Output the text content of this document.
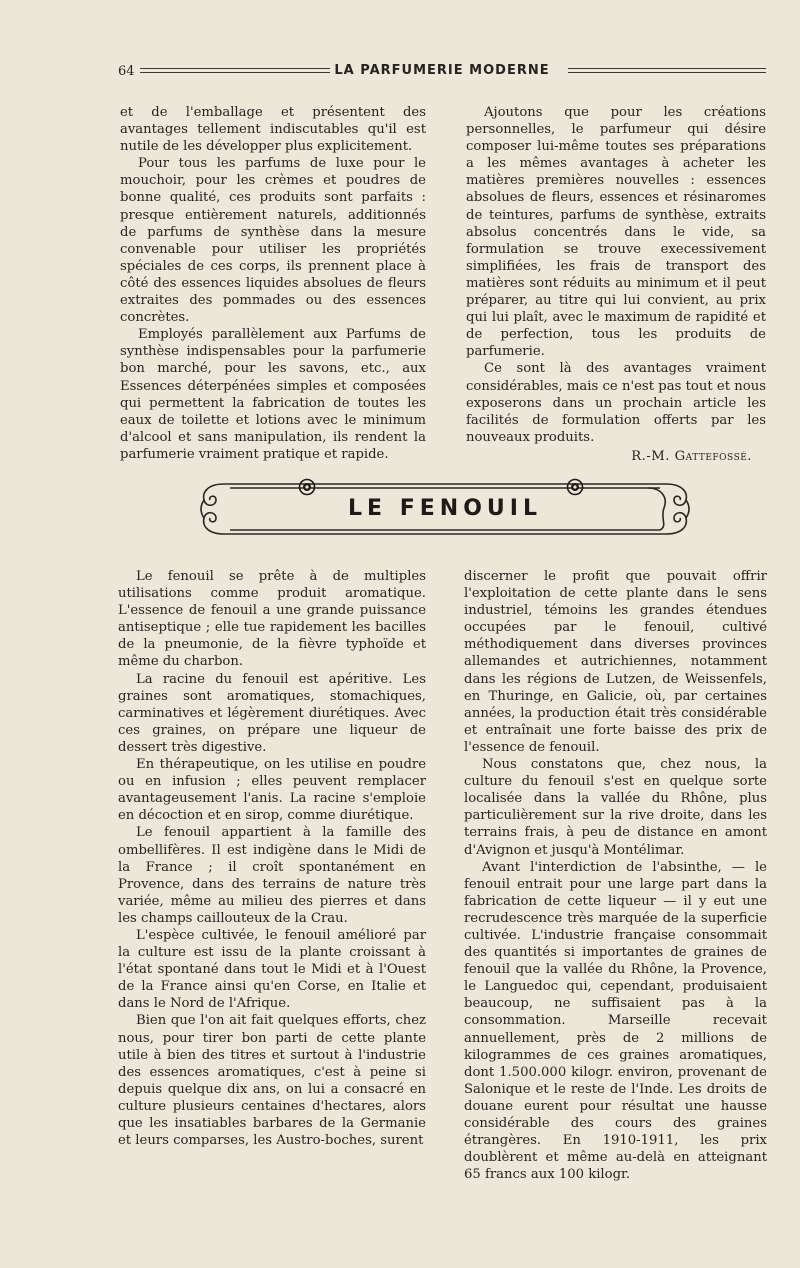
64	LA PARFUMERIE MODERNE

et de l'emballage et présentent des avantages tellement indiscutables qu'il est nutile de les développer plus explicitement.

Pour tous les parfums de luxe pour le mouchoir, pour les crèmes et poudres de bonne qualité, ces produits sont parfaits : presque entièrement naturels, additionnés de parfums de synthèse dans la mesure convenable pour utiliser les propriétés spéciales de ces corps, ils prennent place à côté des essences liquides absolues de fleurs extraites des pommades ou des essences concrètes.

Employés parallèlement aux Parfums de synthèse indispensables pour la parfumerie bon marché, pour les savons, etc., aux Essences déterpénées simples et composées qui permettent la fabrication de toutes les eaux de toilette et lotions avec le minimum d'alcool et sans manipulation, ils rendent la parfumerie vraiment pratique et rapide.

Ajoutons que pour les créations personnelles, le parfumeur qui désire composer lui-même toutes ses préparations a les mêmes avantages à acheter les matières premières nouvelles : essences absolues de fleurs, essences et résinaromes de teintures, parfums de synthèse, extraits absolus concentrés dans le vide, sa formulation se trouve execessivement simplifiées, les frais de transport des matières sont réduits au minimum et il peut préparer, au titre qui lui convient, au prix qui lui plaît, avec le maximum de rapidité et de perfection, tous les produits de parfumerie.

Ce sont là des avantages vraiment considérables, mais ce n'est pas tout et nous exposerons dans un prochain article les facilités de formulation offerts par les nouveaux produits.

R.-M. Gattefossé.
LE FENOUIL

Le fenouil se prête à de multiples utilisations comme produit aromatique. L'essence de fenouil a une grande puissance antiseptique ; elle tue rapidement les bacilles de la pneumonie, de la fièvre typhoïde et même du charbon.

La racine du fenouil est apéritive. Les graines sont aromatiques, stomachiques, carminatives et légèrement diurétiques. Avec ces graines, on prépare une liqueur de dessert très digestive.

En thérapeutique, on les utilise en poudre ou en infusion ; elles peuvent remplacer avantageusement l'anis. La racine s'emploie en décoction et en sirop, comme diurétique.

Le fenouil appartient à la famille des ombellifères. Il est indigène dans le Midi de la France ; il croît spontanément en Provence, dans des terrains de nature très variée, même au milieu des pierres et dans les champs caillouteux de la Crau.

L'espèce cultivée, le fenouil amélioré par la culture est issu de la plante croissant à l'état spontané dans tout le Midi et à l'Ouest de la France ainsi qu'en Corse, en Italie et dans le Nord de l'Afrique.

Bien que l'on ait fait quelques efforts, chez nous, pour tirer bon parti de cette plante utile à bien des titres et surtout à l'industrie des essences aromatiques, c'est à peine si depuis quelque dix ans, on lui a consacré en culture plusieurs centaines d'hectares, alors que les insatiables barbares de la Germanie et leurs comparses, les Austro-boches, surent

discerner le profit que pouvait offrir l'exploitation de cette plante dans le sens industriel, témoins les grandes étendues occupées par le fenouil, cultivé méthodiquement dans diverses provinces allemandes et autrichiennes, notamment dans les régions de Lutzen, de Weissenfels, en Thuringe, en Galicie, où, par certaines années, la production était très considérable et entraînait une forte baisse des prix de l'essence de fenouil.

Nous constatons que, chez nous, la culture du fenouil s'est en quelque sorte localisée dans la vallée du Rhône, plus particulièrement sur la rive droite, dans les terrains frais, à peu de distance en amont d'Avignon et jusqu'à Montélimar.

Avant l'interdiction de l'absinthe, — le fenouil entrait pour une large part dans la fabrication de cette liqueur — il y eut une recrudescence très marquée de la superficie cultivée. L'industrie française consommait des quantités si importantes de graines de fenouil que la vallée du Rhône, la Provence, le Languedoc qui, cependant, produisaient beaucoup, ne suffisaient pas à la consommation. Marseille recevait annuellement, près de 2 millions de kilogrammes de ces graines aromatiques, dont 1.500.000 kilogr. environ, provenant de Salonique et le reste de l'Inde. Les droits de douane eurent pour résultat une hausse considérable des cours des graines étrangères. En 1910-1911, les prix doublèrent et même au-delà en atteignant 65 francs aux 100 kilogr.
